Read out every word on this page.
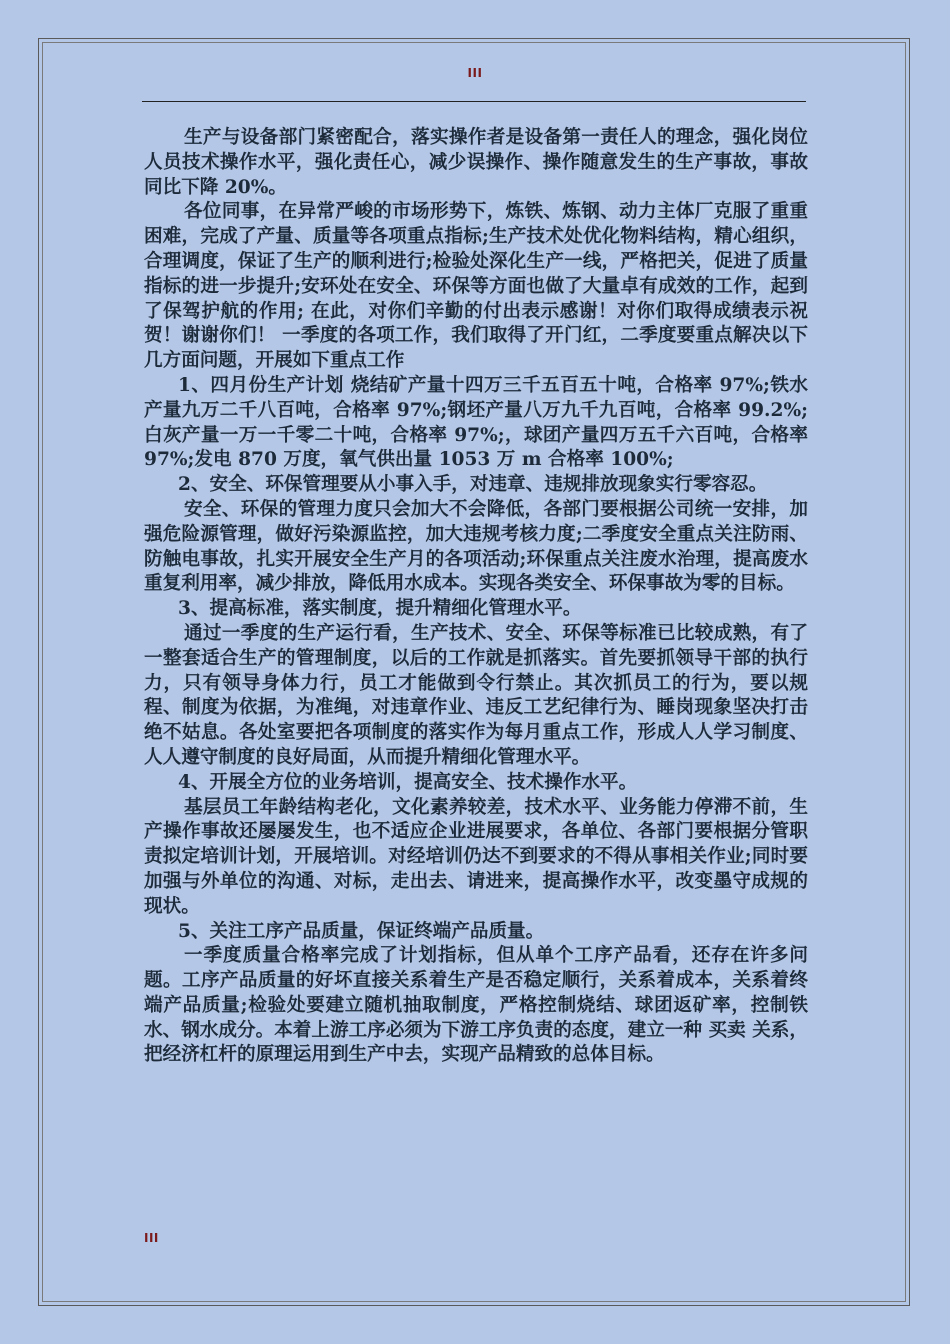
III

生产与设备部门紧密配合，落实操作者是设备第一责任人的理念，强化岗位人员技术操作水平，强化责任心，减少误操作、操作随意发生的生产事故，事故同比下降 20%。

各位同事，在异常严峻的市场形势下，炼铁、炼钢、动力主体厂克服了重重困难，完成了产量、质量等各项重点指标;生产技术处优化物料结构，精心组织，合理调度，保证了生产的顺利进行;检验处深化生产一线，严格把关，促进了质量指标的进一步提升;安环处在安全、环保等方面也做了大量卓有成效的工作，起到了保驾护航的作用; 在此，对你们辛勤的付出表示感谢！对你们取得成绩表示祝贺！谢谢你们！ 一季度的各项工作，我们取得了开门红，二季度要重点解决以下几方面问题，开展如下重点工作

1、四月份生产计划 烧结矿产量十四万三千五百五十吨，合格率 97%;铁水产量九万二千八百吨，合格率 97%;钢坯产量八万九千九百吨，合格率 99.2%;白灰产量一万一千零二十吨，合格率 97%;，球团产量四万五千六百吨，合格率 97%;发电 870 万度，氧气供出量 1053 万 m 合格率 100%;

2、安全、环保管理要从小事入手，对违章、违规排放现象实行零容忍。

安全、环保的管理力度只会加大不会降低，各部门要根据公司统一安排，加强危险源管理，做好污染源监控，加大违规考核力度;二季度安全重点关注防雨、防触电事故，扎实开展安全生产月的各项活动;环保重点关注废水治理，提高废水重复利用率，减少排放，降低用水成本。实现各类安全、环保事故为零的目标。

3、提高标准，落实制度，提升精细化管理水平。

通过一季度的生产运行看，生产技术、安全、环保等标准已比较成熟，有了一整套适合生产的管理制度，以后的工作就是抓落实。首先要抓领导干部的执行力，只有领导身体力行，员工才能做到令行禁止。其次抓员工的行为，要以规程、制度为依据，为准绳，对违章作业、违反工艺纪律行为、睡岗现象坚决打击绝不姑息。各处室要把各项制度的落实作为每月重点工作，形成人人学习制度、人人遵守制度的良好局面，从而提升精细化管理水平。

4、开展全方位的业务培训，提高安全、技术操作水平。

基层员工年龄结构老化，文化素养较差，技术水平、业务能力停滞不前，生产操作事故还屡屡发生，也不适应企业进展要求，各单位、各部门要根据分管职责拟定培训计划，开展培训。对经培训仍达不到要求的不得从事相关作业;同时要加强与外单位的沟通、对标，走出去、请进来，提高操作水平，改变墨守成规的现状。

5、关注工序产品质量，保证终端产品质量。

一季度质量合格率完成了计划指标，但从单个工序产品看，还存在许多问题。工序产品质量的好坏直接关系着生产是否稳定顺行，关系着成本，关系着终端产品质量;检验处要建立随机抽取制度，严格控制烧结、球团返矿率，控制铁水、钢水成分。本着上游工序必须为下游工序负责的态度，建立一种 买卖 关系，把经济杠杆的原理运用到生产中去，实现产品精致的总体目标。

III
